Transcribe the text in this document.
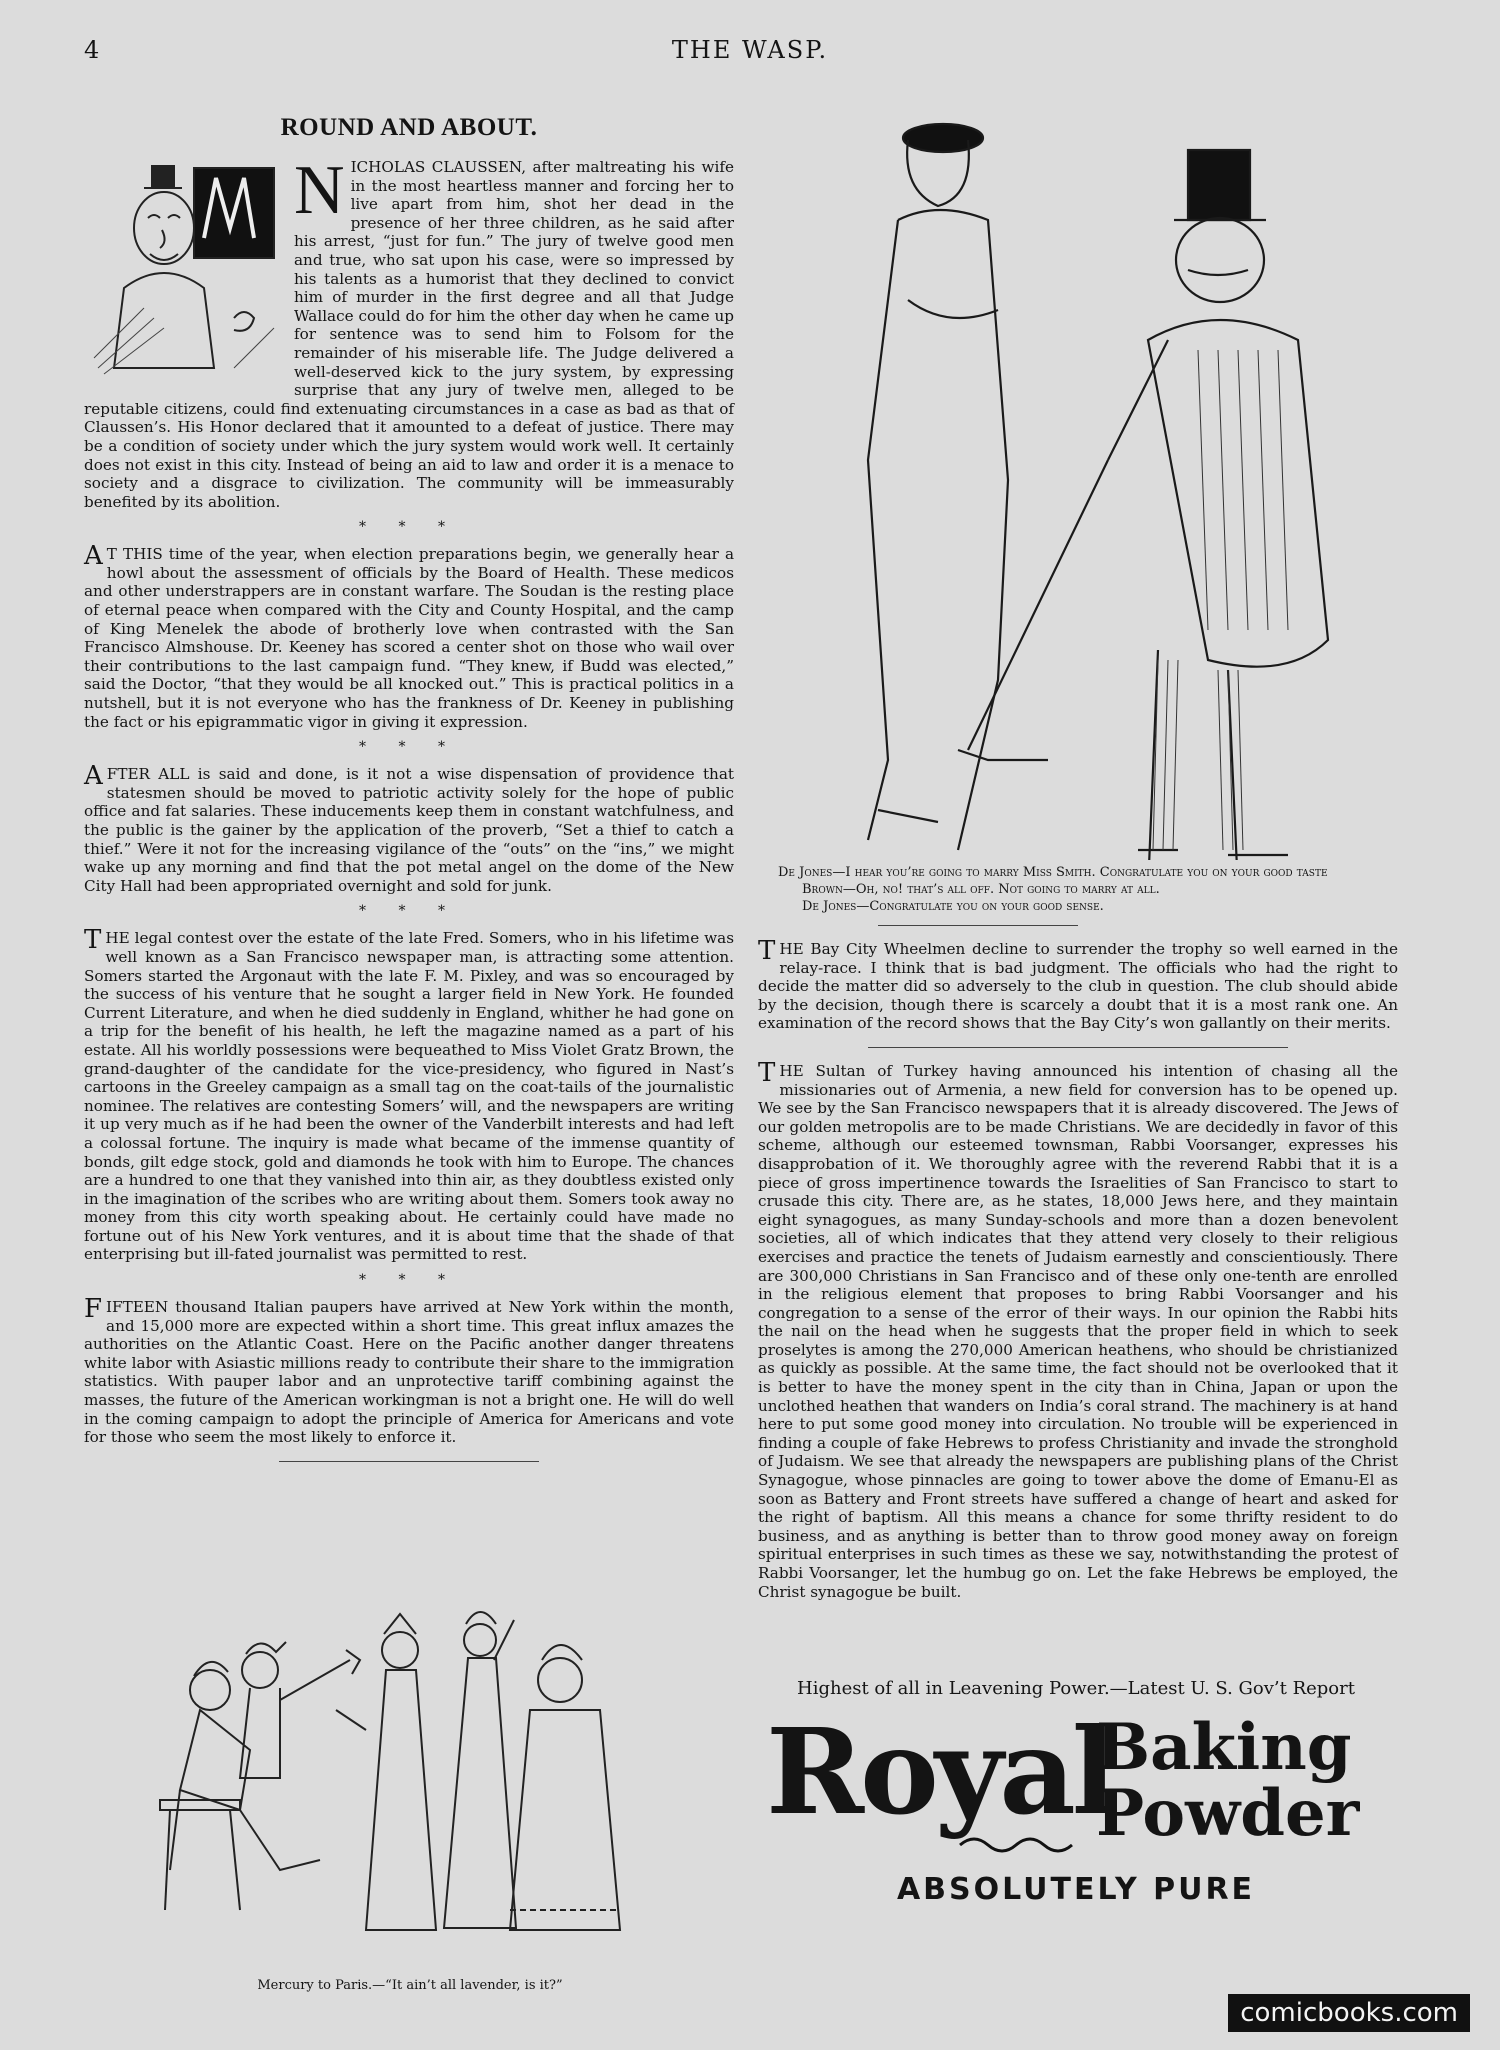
4	THE WASP.
ROUND AND ABOUT.

NICHOLAS CLAUSSEN, after maltreating his wife in the most heartless manner and forcing her to live apart from him, shot her dead in the presence of her three children, as he said after his arrest, “just for fun.” The jury of twelve good men and true, who sat upon his case, were so impressed by his talents as a humorist that they declined to convict him of murder in the first degree and all that Judge Wallace could do for him the other day when he came up for sentence was to send him to Folsom for the remainder of his miserable life. The Judge delivered a well-deserved kick to the jury system, by expressing surprise that any jury of twelve men, alleged to be reputable citizens, could find extenuating circumstances in a case as bad as that of Claussen’s. His Honor declared that it amounted to a defeat of justice. There may be a condition of society under which the jury system would work well. It certainly does not exist in this city. Instead of being an aid to law and order it is a menace to society and a disgrace to civilization. The community will be immeasurably benefited by its abolition.

* * *

AT THIS time of the year, when election preparations begin, we generally hear a howl about the assessment of officials by the Board of Health. These medicos and other understrappers are in constant warfare. The Soudan is the resting place of eternal peace when compared with the City and County Hospital, and the camp of King Menelek the abode of brotherly love when contrasted with the San Francisco Almshouse. Dr. Keeney has scored a center shot on those who wail over their contributions to the last campaign fund. “They knew, if Budd was elected,” said the Doctor, “that they would be all knocked out.” This is practical politics in a nutshell, but it is not everyone who has the frankness of Dr. Keeney in publishing the fact or his epigrammatic vigor in giving it expression.

* * *

AFTER ALL is said and done, is it not a wise dispensation of providence that statesmen should be moved to patriotic activity solely for the hope of public office and fat salaries. These inducements keep them in constant watchfulness, and the public is the gainer by the application of the proverb, “Set a thief to catch a thief.” Were it not for the increasing vigilance of the “outs” on the “ins,” we might wake up any morning and find that the pot metal angel on the dome of the New City Hall had been appropriated overnight and sold for junk.

* * *

THE legal contest over the estate of the late Fred. Somers, who in his lifetime was well known as a San Francisco newspaper man, is attracting some attention. Somers started the Argonaut with the late F. M. Pixley, and was so encouraged by the success of his venture that he sought a larger field in New York. He founded Current Literature, and when he died suddenly in England, whither he had gone on a trip for the benefit of his health, he left the magazine named as a part of his estate. All his worldly possessions were bequeathed to Miss Violet Gratz Brown, the grand-daughter of the candidate for the vice-presidency, who figured in Nast’s cartoons in the Greeley campaign as a small tag on the coat-tails of the journalistic nominee. The relatives are contesting Somers’ will, and the newspapers are writing it up very much as if he had been the owner of the Vanderbilt interests and had left a colossal fortune. The inquiry is made what became of the immense quantity of bonds, gilt edge stock, gold and diamonds he took with him to Europe. The chances are a hundred to one that they vanished into thin air, as they doubtless existed only in the imagination of the scribes who are writing about them. Somers took away no money from this city worth speaking about. He certainly could have made no fortune out of his New York ventures, and it is about time that the shade of that enterprising but ill-fated journalist was permitted to rest.

* * *

FIFTEEN thousand Italian paupers have arrived at New York within the month, and 15,000 more are expected within a short time. This great influx amazes the authorities on the Atlantic Coast. Here on the Pacific another danger threatens white labor with Asiastic millions ready to contribute their share to the immigration statistics. With pauper labor and an unprotective tariff combining against the masses, the future of the American workingman is not a bright one. He will do well in the coming campaign to adopt the principle of America for Americans and vote for those who seem the most likely to enforce it.

Mercury to Paris.—“It ain’t all lavender, is it?”
De Jones—I hear you’re going to marry Miss Smith. Congratulate you on your good taste
Brown—Oh, no! that’s all off. Not going to marry at all.
De Jones—Congratulate you on your good sense.

THE Bay City Wheelmen decline to surrender the trophy so well earned in the relay-race. I think that is bad judgment. The officials who had the right to decide the matter did so adversely to the club in question. The club should abide by the decision, though there is scarcely a doubt that it is a most rank one. An examination of the record shows that the Bay City’s won gallantly on their merits.

THE Sultan of Turkey having announced his intention of chasing all the missionaries out of Armenia, a new field for conversion has to be opened up. We see by the San Francisco newspapers that it is already discovered. The Jews of our golden metropolis are to be made Christians. We are decidedly in favor of this scheme, although our esteemed townsman, Rabbi Voorsanger, expresses his disapprobation of it. We thoroughly agree with the reverend Rabbi that it is a piece of gross impertinence towards the Israelities of San Francisco to start to crusade this city. There are, as he states, 18,000 Jews here, and they maintain eight synagogues, as many Sunday-schools and more than a dozen benevolent societies, all of which indicates that they attend very closely to their religious exercises and practice the tenets of Judaism earnestly and conscientiously. There are 300,000 Christians in San Francisco and of these only one-tenth are enrolled in the religious element that proposes to bring Rabbi Voorsanger and his congregation to a sense of the error of their ways. In our opinion the Rabbi hits the nail on the head when he suggests that the proper field in which to seek proselytes is among the 270,000 American heathens, who should be christianized as quickly as possible. At the same time, the fact should not be overlooked that it is better to have the money spent in the city than in China, Japan or upon the unclothed heathen that wanders on India’s coral strand. The machinery is at hand here to put some good money into circulation. No trouble will be experienced in finding a couple of fake Hebrews to profess Christianity and invade the stronghold of Judaism. We see that already the newspapers are publishing plans of the Christ Synagogue, whose pinnacles are going to tower above the dome of Emanu-El as soon as Battery and Front streets have suffered a change of heart and asked for the right of baptism. All this means a chance for some thrifty resident to do business, and as anything is better than to throw good money away on foreign spiritual enterprises in such times as these we say, notwithstanding the protest of Rabbi Voorsanger, let the humbug go on. Let the fake Hebrews be employed, the Christ synagogue be built.

Highest of all in Leavening Power.—Latest U. S. Gov’t Report
Royal
Baking
Powder
ABSOLUTELY PURE
comicbooks.com
